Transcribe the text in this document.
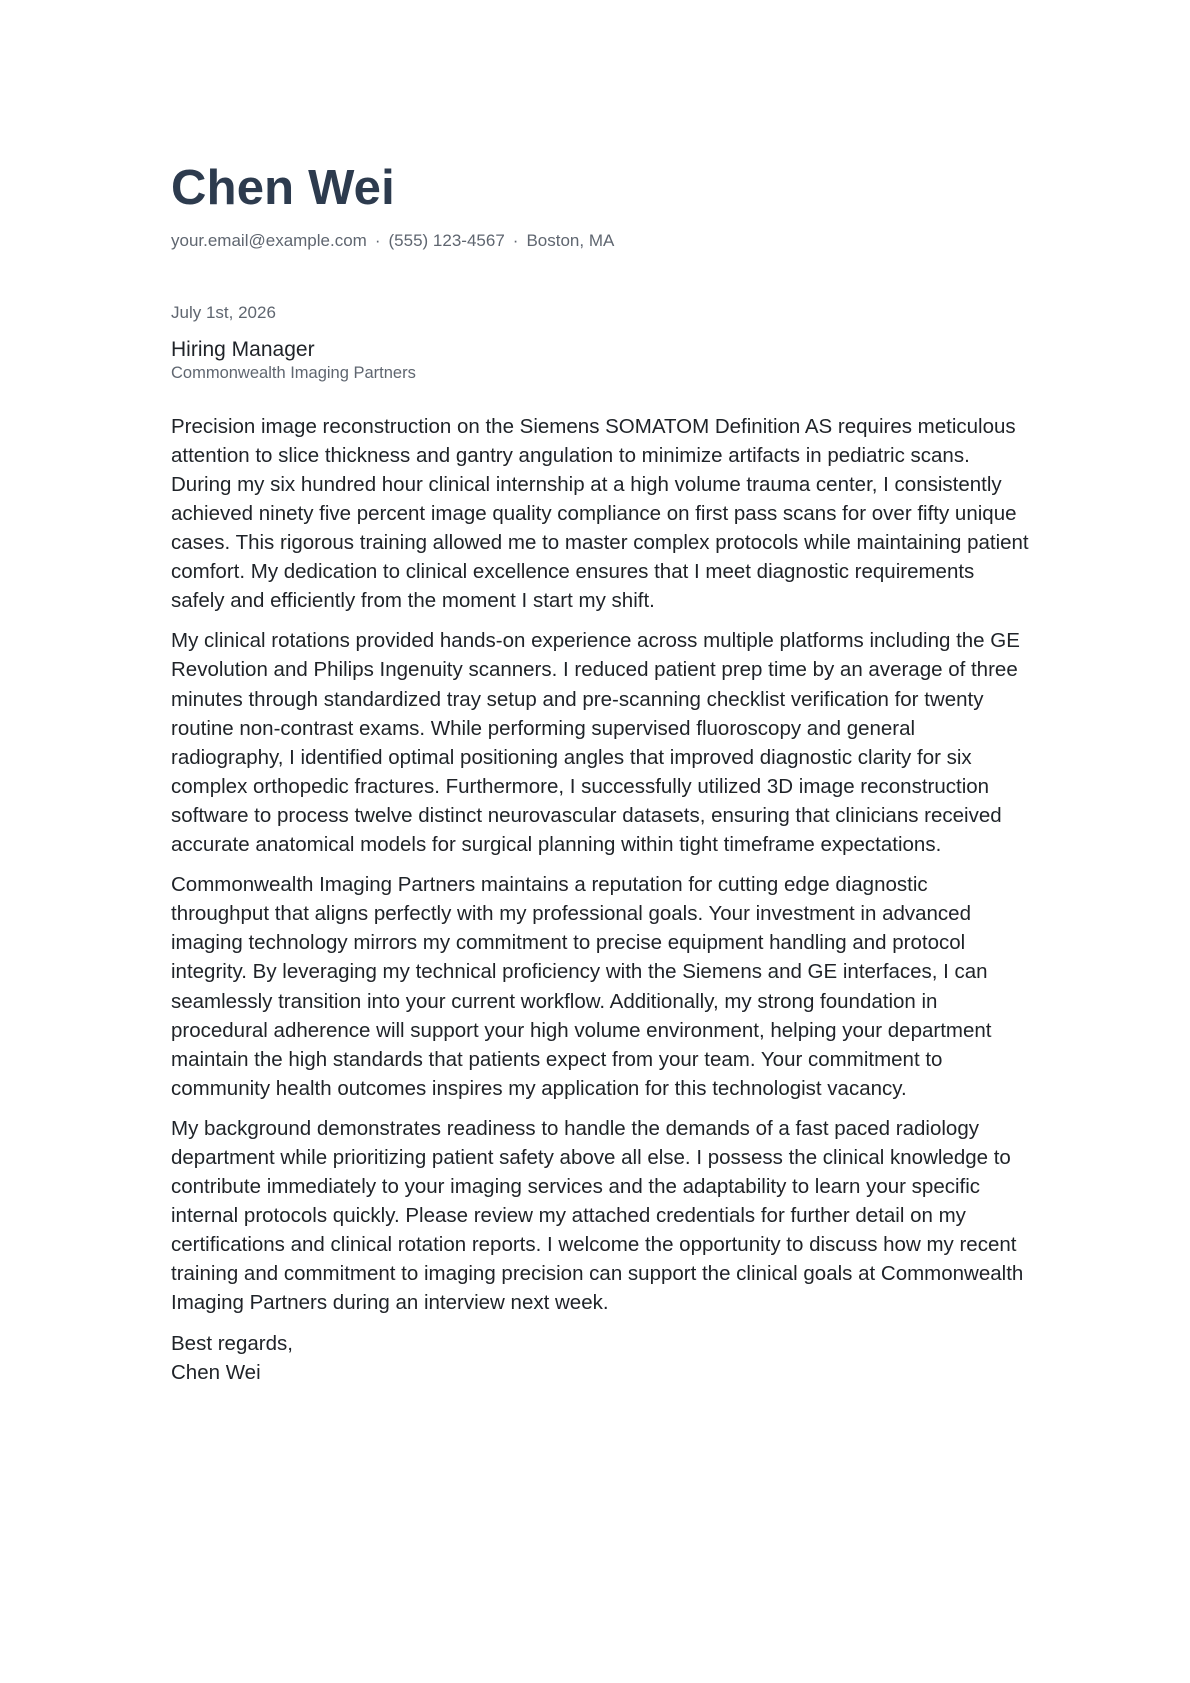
Chen Wei
your.email@example.com · (555) 123-4567 · Boston, MA
July 1st, 2026
Hiring Manager
Commonwealth Imaging Partners

Precision image reconstruction on the Siemens SOMATOM Definition AS requires meticulous attention to slice thickness and gantry angulation to minimize artifacts in pediatric scans. During my six hundred hour clinical internship at a high volume trauma center, I consistently achieved ninety five percent image quality compliance on first pass scans for over fifty unique cases. This rigorous training allowed me to master complex protocols while maintaining patient comfort. My dedication to clinical excellence ensures that I meet diagnostic requirements safely and efficiently from the moment I start my shift.

My clinical rotations provided hands-on experience across multiple platforms including the GE Revolution and Philips Ingenuity scanners. I reduced patient prep time by an average of three minutes through standardized tray setup and pre-scanning checklist verification for twenty routine non-contrast exams. While performing supervised fluoroscopy and general radiography, I identified optimal positioning angles that improved diagnostic clarity for six complex orthopedic fractures. Furthermore, I successfully utilized 3D image reconstruction software to process twelve distinct neurovascular datasets, ensuring that clinicians received accurate anatomical models for surgical planning within tight timeframe expectations.

Commonwealth Imaging Partners maintains a reputation for cutting edge diagnostic throughput that aligns perfectly with my professional goals. Your investment in advanced imaging technology mirrors my commitment to precise equipment handling and protocol integrity. By leveraging my technical proficiency with the Siemens and GE interfaces, I can seamlessly transition into your current workflow. Additionally, my strong foundation in procedural adherence will support your high volume environment, helping your department maintain the high standards that patients expect from your team. Your commitment to community health outcomes inspires my application for this technologist vacancy.

My background demonstrates readiness to handle the demands of a fast paced radiology department while prioritizing patient safety above all else. I possess the clinical knowledge to contribute immediately to your imaging services and the adaptability to learn your specific internal protocols quickly. Please review my attached credentials for further detail on my certifications and clinical rotation reports. I welcome the opportunity to discuss how my recent training and commitment to imaging precision can support the clinical goals at Commonwealth Imaging Partners during an interview next week.

Best regards,
Chen Wei
